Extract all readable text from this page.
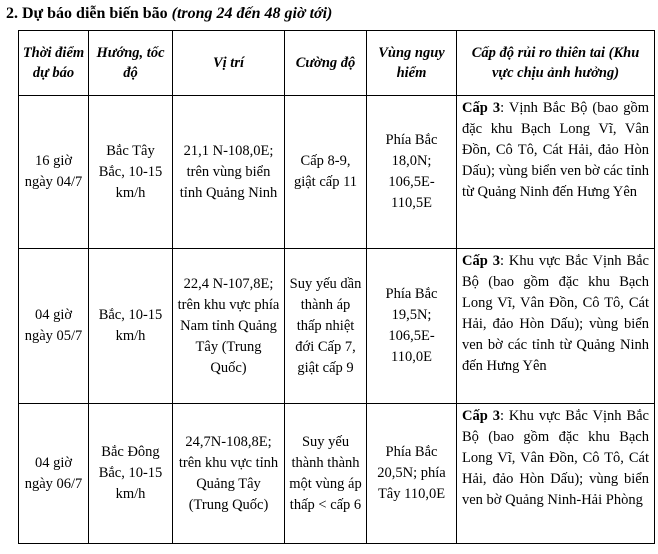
2. Dự báo diễn biến bão (trong 24 đến 48 giờ tới)
Thời điểm dự báo	Hướng, tốc độ	Vị trí	Cường độ	Vùng nguy hiểm	Cấp độ rủi ro thiên tai (Khu vực chịu ảnh hưởng)
16 giờ ngày 04/7	Bắc Tây Bắc, 10-15 km/h	21,1 N-108,0E; trên vùng biển tỉnh Quảng Ninh	Cấp 8-9, giật cấp 11	Phía Bắc 18,0N; 106,5E-110,5E	Cấp 3: Vịnh Bắc Bộ (bao gồm đặc khu Bạch Long Vĩ, Vân Đồn, Cô Tô, Cát Hải, đảo Hòn Dấu); vùng biển ven bờ các tỉnh từ Quảng Ninh đến Hưng Yên
04 giờ ngày 05/7	Bắc, 10-15 km/h	22,4 N-107,8E; trên khu vực phía Nam tỉnh Quảng Tây (Trung Quốc)	Suy yếu dần thành áp thấp nhiệt đới Cấp 7, giật cấp 9	Phía Bắc 19,5N; 106,5E-110,0E	Cấp 3: Khu vực Bắc Vịnh Bắc Bộ (bao gồm đặc khu Bạch Long Vĩ, Vân Đồn, Cô Tô, Cát Hải, đảo Hòn Dấu); vùng biển ven bờ các tỉnh từ Quảng Ninh đến Hưng Yên
04 giờ ngày 06/7	Bắc Đông Bắc, 10-15 km/h	24,7N-108,8E; trên khu vực tỉnh Quảng Tây (Trung Quốc)	Suy yếu thành thành một vùng áp thấp < cấp 6	Phía Bắc 20,5N; phía Tây 110,0E	Cấp 3: Khu vực Bắc Vịnh Bắc Bộ (bao gồm đặc khu Bạch Long Vĩ, Vân Đồn, Cô Tô, Cát Hải, đảo Hòn Dấu); vùng biển ven bờ Quảng Ninh-Hải Phòng
